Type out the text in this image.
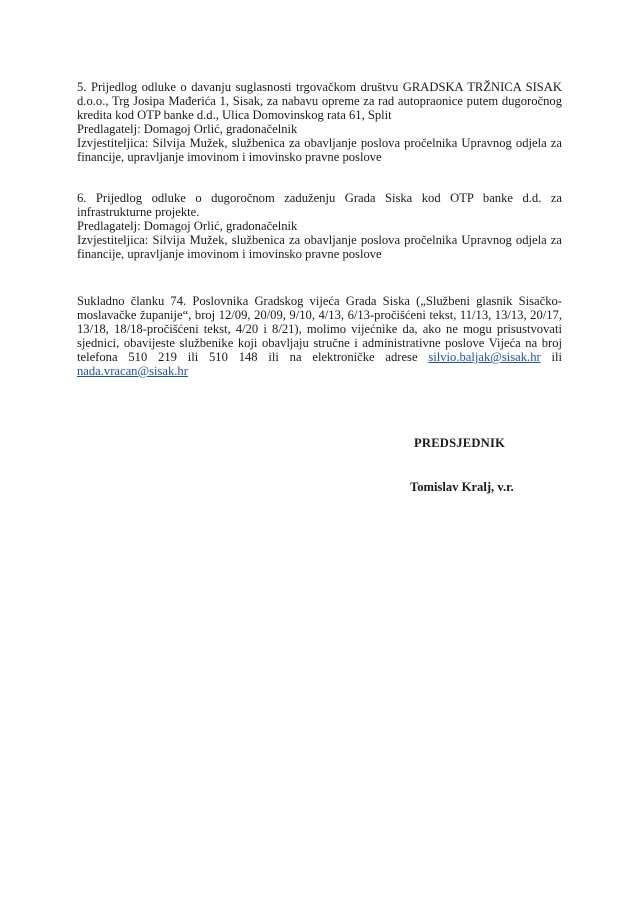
5. Prijedlog odluke o davanju suglasnosti trgovačkom društvu GRADSKA TRŽNICA SISAK d.o.o., Trg Josipa Mađerića 1, Sisak, za nabavu opreme za rad autopraonice putem dugoročnog kredita kod OTP banke d.d., Ulica Domovinskog rata 61, Split

Predlagatelj: Domagoj Orlić, gradonačelnik

Izvjestiteljica: Silvija Mužek, službenica za obavljanje poslova pročelnika Upravnog odjela za financije, upravljanje imovinom i imovinsko pravne poslove

6. Prijedlog odluke o dugoročnom zaduženju Grada Siska kod OTP banke d.d. za infrastrukturne projekte.

Predlagatelj: Domagoj Orlić, gradonačelnik

Izvjestiteljica: Silvija Mužek, službenica za obavljanje poslova pročelnika Upravnog odjela za financije, upravljanje imovinom i imovinsko pravne poslove

Sukladno članku 74. Poslovnika Gradskog vijeća Grada Siska („Službeni glasnik Sisačko-moslavačke županije“, broj 12/09, 20/09, 9/10, 4/13, 6/13-pročišćeni tekst, 11/13, 13/13, 20/17, 13/18, 18/18-pročišćeni tekst, 4/20 i 8/21), molimo vijećnike da, ako ne mogu prisustvovati sjednici, obavijeste službenike koji obavljaju stručne i administrativne poslove Vijeća na broj telefona 510 219 ili 510 148 ili na elektroničke adrese silvio.baljak@sisak.hr ili nada.vracan@sisak.hr
PREDSJEDNIK
Tomislav Kralj, v.r.
